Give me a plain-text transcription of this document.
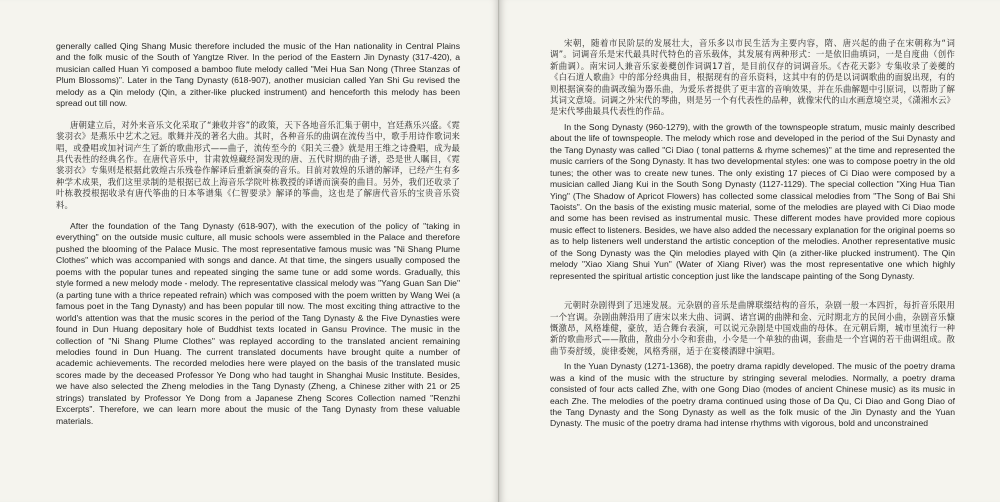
generally called Qing Shang Music therefore included the music of the Han nationality in Central Plains and the folk music of the South of Yangtze River. In the period of the Eastern Jin Dynasty (317-420), a musician called Huan Yi composed a bamboo flute melody called "Mei Hua San Nong (Three Stanzas of Plum Blossoms)". Later in the Tang Dynasty (618-907), another musician called Yan Shi Gu revised the melody as a Qin melody (Qin, a zither-like plucked instrument) and henceforth this melody has been spread out till now.

唐朝建立后，对外来音乐文化采取了“兼收并容”的政策，天下各地音乐汇集于朝中，宫廷燕乐兴盛。《霓裳羽衣》是燕乐中艺术之冠。歌舞并茂的著名大曲。其时，各种音乐的曲调在流传当中，歌手用诗作歌词来唱，或叠唱或加衬词产生了新的歌曲形式——曲子，流传至今的《阳关三叠》就是用王维之诗叠唱，成为最具代表性的经典名作。在唐代音乐中，甘肃敦煌藏经洞发现的唐、五代时期的曲子谱，恐是世人瞩目，《霓裳羽衣》专集则是根据此敦煌古乐残卷作解译后重新演奏的音乐。目前对敦煌的乐谱的解译，已经产生有多种学术成果，我们这里录制的是根据已故上海音乐学院叶栋教授的译谱而演奏的曲目。另外，我们还收录了叶栋教授根据收录有唐代筝曲的日本筝谱集《仁智要录》解译的筝曲，这也是了解唐代音乐的宝贵音乐资料。

After the foundation of the Tang Dynasty (618-907), with the execution of the policy of "taking in everything" on the outside music culture, all music schools were assembled in the Palace and therefore pushed the blooming of the Palace Music. The most representative famous music was "Ni Shang Plume Clothes" which was accompanied with songs and dance. At that time, the singers usually composed the poems with the popular tunes and repeated singing the same tune or add some words. Gradually, this style formed a new melody mode - melody. The representative classical melody was "Yang Guan San Die" (a parting tune with a thrice repeated refrain) which was composed with the poem written by Wang Wei (a famous poet in the Tang Dynasty) and has been popular till now. The most exciting thing attractive to the world's attention was that the music scores in the period of the Tang Dynasty & the Five Dynasties were found in Dun Huang depositary hole of Buddhist texts located in Gansu Province. The music in the collection of "Ni Shang Plume Clothes" was replayed according to the translated ancient remaining melodies found in Dun Huang. The current translated documents have brought quite a number of academic achievements. The recorded melodies here were played on the basis of the translated music scores made by the deceased Professor Ye Dong who had taught in Shanghai Music Institute. Besides, we have also selected the Zheng melodies in the Tang Dynasty (Zheng, a Chinese zither with 21 or 25 strings) translated by Professor Ye Dong from a Japanese Zheng Scores Collection named "Renzhi Excerpts". Therefore, we can learn more about the music of the Tang Dynasty from these valuable materials.

宋朝，随着市民阶层的发展壮大，音乐多以市民生活为主要内容，隋、唐兴起的曲子在宋朝称为“词调”。词调音乐是宋代最具时代特色的音乐载体，其发展有两种形式：一是依旧曲填词，一是自度曲（创作新曲调）。南宋词人兼音乐家姜夔创作词调17首，是目前仅存的词调音乐。《杏花天影》专集收录了姜夔的《白石道人歌曲》中的部分经典曲目，根据现有的音乐资料，这其中有的仍是以词调歌曲的面貌出现，有的则根据演奏的曲调改编为器乐曲，为爱乐者提供了更丰富的音响效果，并在乐曲解题中引原词，以帮助了解其词文意境。词调之外宋代的琴曲，则是另一个有代表性的品种，就像宋代的山水画意境空灵，《潇湘水云》是宋代琴曲最具代表性的作品。

In the Song Dynasty (960-1279), with the growth of the townspeople stratum, music mainly described about the life of townspeople. The melody which rose and developed in the period of the Sui Dynasty and the Tang Dynasty was called "Ci Diao ( tonal patterns & rhyme schemes)" at the time and represented the music carriers of the Song Dynasty. It has two developmental styles: one was to compose poetry in the old tunes; the other was to create new tunes. The only existing 17 pieces of Ci Diao were composed by a musician called Jiang Kui in the South Song Dynasty (1127-1129). The special collection "Xing Hua Tian Ying" (The Shadow of Apricot Flowers) has collected some classical melodies from "The Song of Bai Shi Taoists". On the basis of the existing music material, some of the melodies are played with Ci Diao mode and some has been revised as instrumental music. These different modes have provided more copious music effect to listeners. Besides, we have also added the necessary explanation for the original poems so as to help listeners well understand the artistic conception of the melodies. Another representative music of the Song Dynasty was the Qin melodies played with Qin (a zither-like plucked instrument). The Qin melody "Xiao Xiang Shui Yun" (Water of Xiang River) was the most representative one which highly represented the spiritual artistic conception just like the landscape painting of the Song Dynasty.

元朝时杂剧得到了迅速发展。元杂剧的音乐是曲牌联缀结构的音乐，杂剧一般一本四折，每折音乐限用一个宫调。杂剧曲牌沿用了唐宋以来大曲、词调、诸宫调的曲牌和金、元时期北方的民间小曲，杂剧音乐慷慨激昂，风格雄健，豪放，适合舞台表演，可以说元杂剧是中国戏曲的母体。在元朝后期，城市里流行一种新的歌曲形式——散曲，散曲分小令和套曲，小令是一个单独的曲调，套曲是一个宫调的若干曲调组成。散曲节奏舒缓，旋律委婉，风格秀丽，适于在宴楼酒肆中演唱。

In the Yuan Dynasty (1271-1368), the poetry drama rapidly developed. The music of the poetry drama was a kind of the music with the structure by stringing several melodies. Normally, a poetry drama consisted of four acts called Zhe, with one Gong Diao (modes of ancient Chinese music) as its music in each Zhe. The melodies of the poetry drama continued using those of Da Qu, Ci Diao and Gong Diao of the Tang Dynasty and the Song Dynasty as well as the folk music of the Jin Dynasty and the Yuan Dynasty. The music of the poetry drama had intense rhythms with vigorous, bold and unconstrained
